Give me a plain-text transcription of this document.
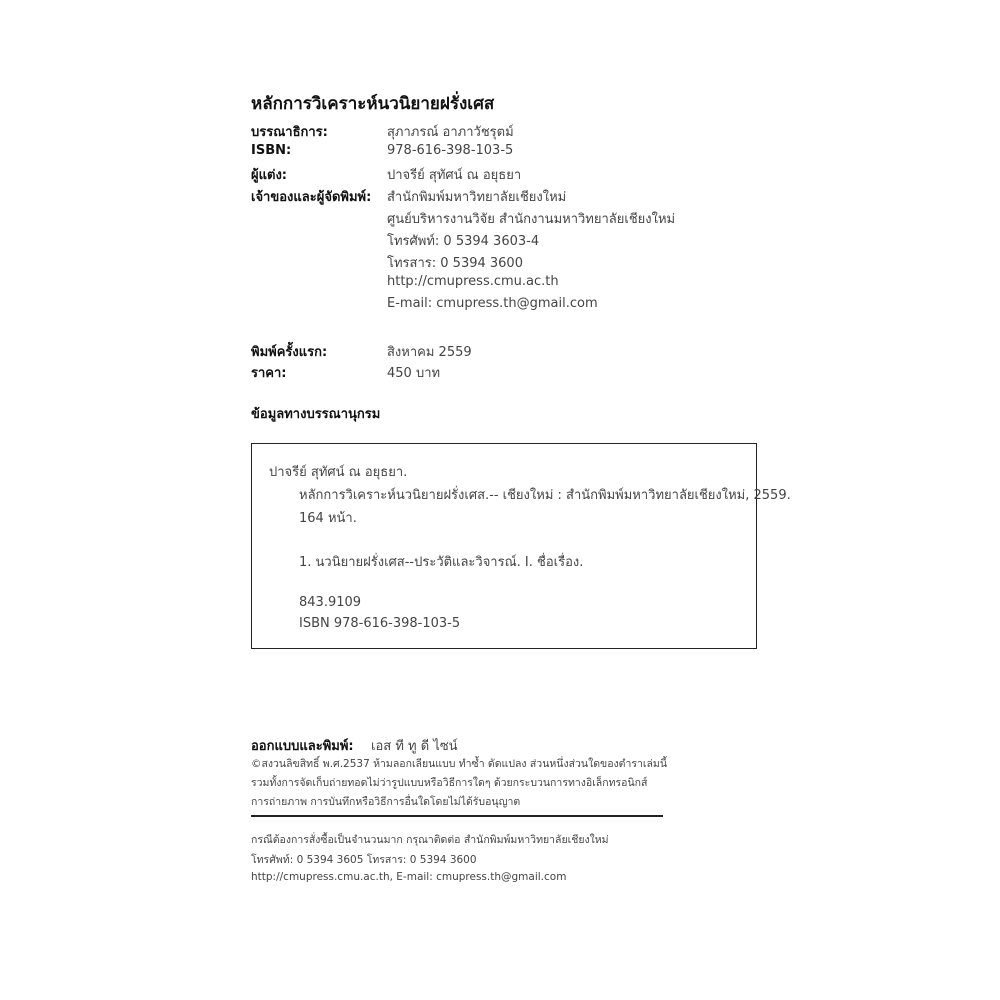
หลักการวิเคราะห์นวนิยายฝรั่งเศส
บรรณาธิการ:	สุภาภรณ์ อาภาวัชรุตม์
ISBN:	978-616-398-103-5
ผู้แต่ง:	ปาจรีย์ สุทัศน์ ณ อยุธยา
เจ้าของและผู้จัดพิมพ์: สำนักพิมพ์มหาวิทยาลัยเชียงใหม่
ศูนย์บริหารงานวิจัย สำนักงานมหาวิทยาลัยเชียงใหม่
โทรศัพท์: 0 5394 3603-4
โทรสาร: 0 5394 3600
http://cmupress.cmu.ac.th
E-mail: cmupress.th@gmail.com
พิมพ์ครั้งแรก:	สิงหาคม 2559
ราคา:	450 บาท
ข้อมูลทางบรรณานุกรม
ปาจรีย์ สุทัศน์ ณ อยุธยา.
หลักการวิเคราะห์นวนิยายฝรั่งเศส.-- เชียงใหม่ : สำนักพิมพ์มหาวิทยาลัยเชียงใหม่, 2559.
164 หน้า.
1. นวนิยายฝรั่งเศส--ประวัติและวิจารณ์. I. ชื่อเรื่อง.
843.9109
ISBN 978-616-398-103-5
ออกแบบและพิมพ์: เอส ที ทู ดี ไซน์
©สงวนลิขสิทธิ์ พ.ศ.2537 ห้ามลอกเลียนแบบ ทำซ้ำ ดัดแปลง ส่วนหนึ่งส่วนใดของตำราเล่มนี้
รวมทั้งการจัดเก็บถ่ายทอดไม่ว่ารูปแบบหรือวิธีการใดๆ ด้วยกระบวนการทางอิเล็กทรอนิกส์
การถ่ายภาพ การบันทึกหรือวิธีการอื่นใดโดยไม่ได้รับอนุญาต
กรณีต้องการสั่งซื้อเป็นจำนวนมาก กรุณาติดต่อ สำนักพิมพ์มหาวิทยาลัยเชียงใหม่
โทรศัพท์: 0 5394 3605 โทรสาร: 0 5394 3600
http://cmupress.cmu.ac.th, E-mail: cmupress.th@gmail.com
